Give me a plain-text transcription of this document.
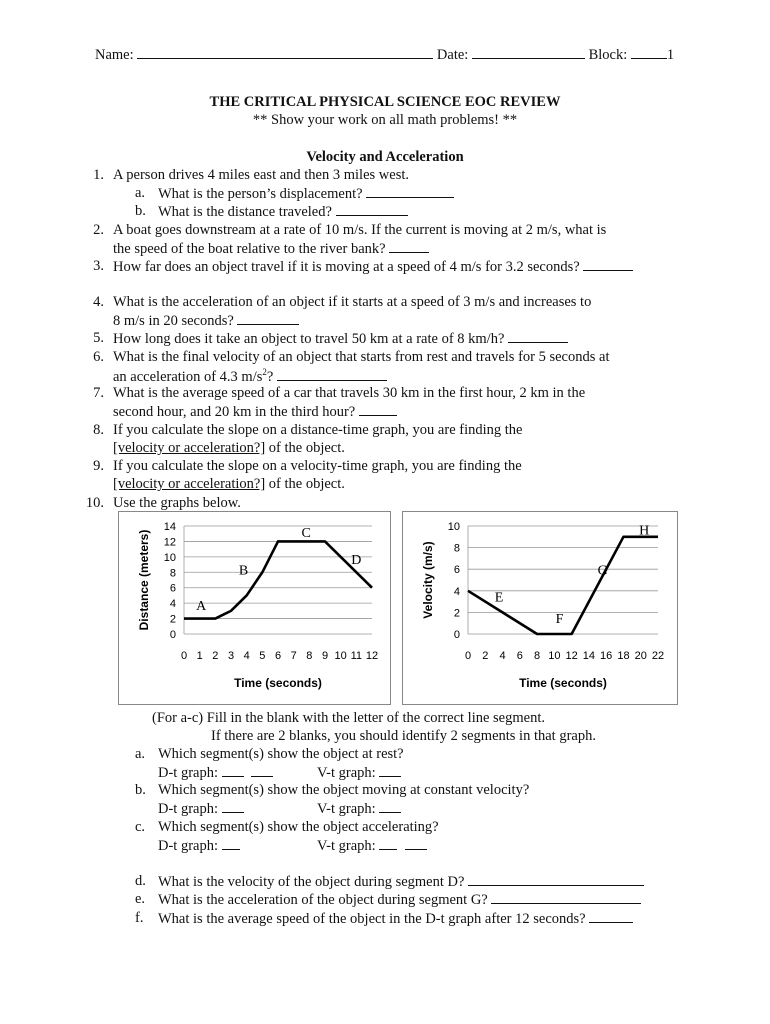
Name:	Date:	Block:	1
THE CRITICAL PHYSICAL SCIENCE EOC REVIEW
** Show your work on all math problems! **
Velocity and Acceleration
1. A person drives 4 miles east and then 3 miles west.
a. What is the person’s displacement?
b. What is the distance traveled?
2. A boat goes downstream at a rate of 10 m/s. If the current is moving at 2 m/s, what is
the speed of the boat relative to the river bank?
3. How far does an object travel if it is moving at a speed of 4 m/s for 3.2 seconds?
4. What is the acceleration of an object if it starts at a speed of 3 m/s and increases to
8 m/s in 20 seconds?
5. How long does it take an object to travel 50 km at a rate of 8 km/h?
6. What is the final velocity of an object that starts from rest and travels for 5 seconds at
an acceleration of 4.3 $m/s^2$?
7. What is the average speed of a car that travels 30 km in the first hour, 2 km in the
second hour, and 20 km in the third hour?
8. If you calculate the slope on a distance-time graph, you are finding the
[velocity or acceleration?] of the object.
9. If you calculate the slope on a velocity-time graph, you are finding the
[velocity or acceleration?] of the object.
10. Use the graphs below.
0
2
4
6
8
10
12
14
0 1 2 3 4 5 6 7 8 9 10 11 12
Time (seconds)
Distance (meters)	A
B
C
D
0
2
4
6
8
10
0 2 4 6 8 10 12 14 16 18 20 22
Time (seconds)
Velocity (m/s)	E
F
G
H
(For a-c) Fill in the blank with the letter of the correct line segment.
If there are 2 blanks, you should identify 2 segments in that graph.
a. Which segment(s) show the object at rest?
D-t graph:	V-t graph:
b. Which segment(s) show the object moving at constant velocity?
D-t graph:	V-t graph:
c. Which segment(s) show the object accelerating?
D-t graph:	V-t graph:
d. What is the velocity of the object during segment D?
e. What is the acceleration of the object during segment G?
f. What is the average speed of the object in the D-t graph after 12 seconds?
